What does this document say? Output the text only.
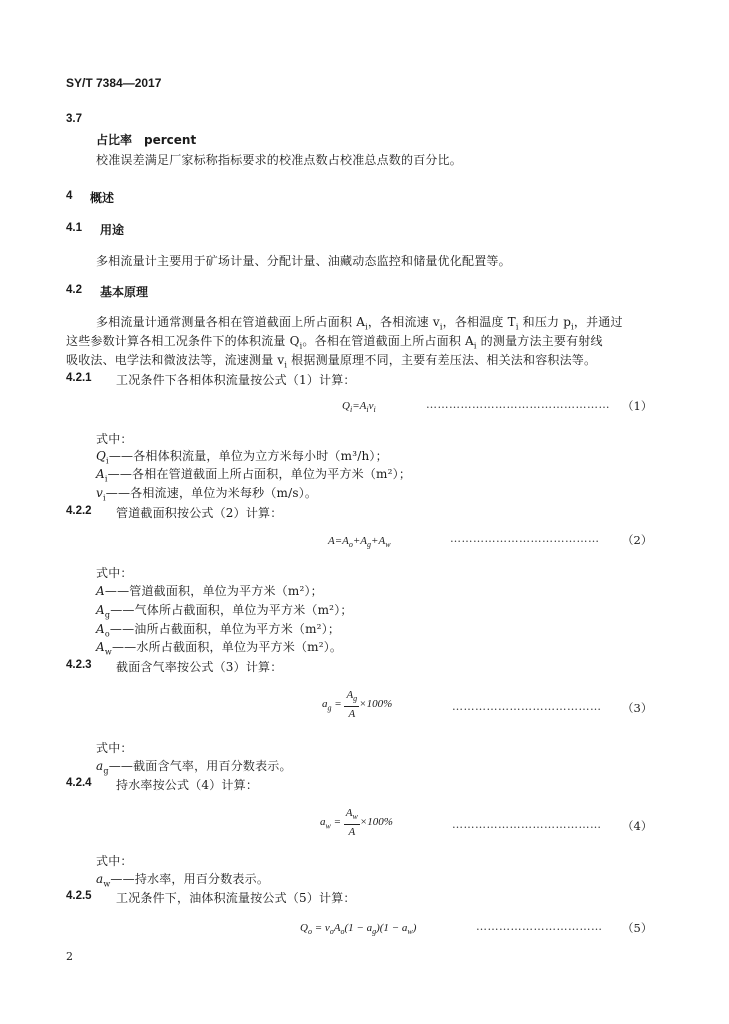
SY/T 7384—2017
3.7
占比率　percent
校准误差满足厂家标称指标要求的校准点数占校准总点数的百分比。
4 概述
4.1 用途
多相流量计主要用于矿场计量、分配计量、油藏动态监控和储量优化配置等。
4.2 基本原理
多相流量计通常测量各相在管道截面上所占面积 $A_i$，各相流速 $v_i$，各相温度 $T_i$ 和压力 $p_i$，并通过
这些参数计算各相工况条件下的体积流量 $Q_i$。各相在管道截面上所占面积 $A_i$ 的测量方法主要有射线
吸收法、电学法和微波法等，流速测量 $v_i$ 根据测量原理不同，主要有差压法、相关法和容积法等。
4.2.1 工况条件下各相体积流量按公式（1）计算：
$Q_i=A_iv_i$	………………………………………… （1）
式中：
$Q_i——$各相体积流量，单位为立方米每小时（m³/h）；
$A_i——$各相在管道截面上所占面积，单位为平方米（m²）；
$v_i——$各相流速，单位为米每秒（m/s）。
4.2.2 管道截面积按公式（2）计算：
$A=A_o+A_g+A_w$	………………………………… （2）
式中：
A——管道截面积，单位为平方米（m²）；
$A_g——$气体所占截面积，单位为平方米（m²）；
$A_o——$油所占截面积，单位为平方米（m²）；
$A_w——$水所占截面积，单位为平方米（m²）。
4.2.3 截面含气率按公式（3）计算：
$a_g = \frac{A_g}{A} \times 100\%$	………………………………… （3）
式中：
$a_g——$截面含气率，用百分数表示。
4.2.4 持水率按公式（4）计算：
$a_w = \frac{A_w}{A} \times 100\%$	………………………………… （4）
式中：
$a_w——$持水率，用百分数表示。
4.2.5 工况条件下，油体积流量按公式（5）计算：
$Q_o = v_oA_o(1 - a_g)(1 - a_w)$	…………………………… （5）
2
